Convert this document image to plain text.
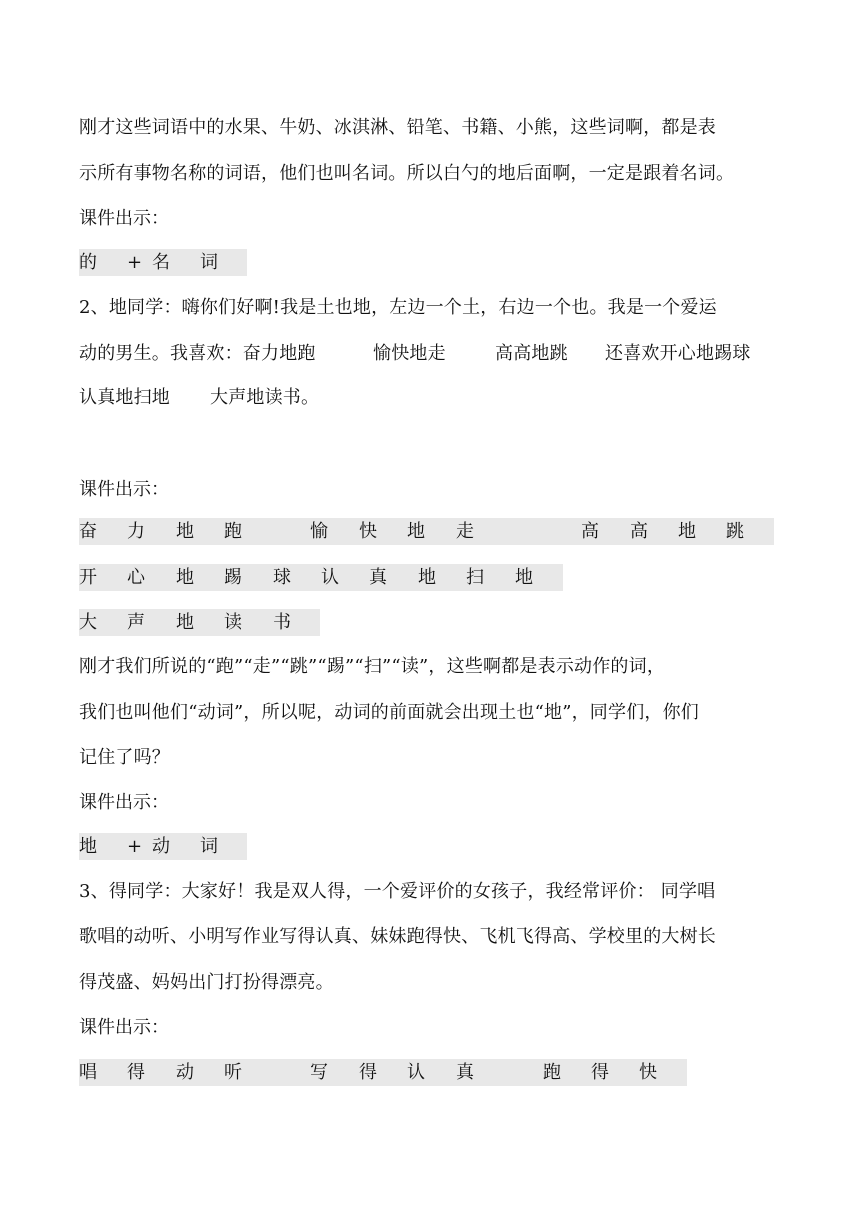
刚才这些词语中的水果、牛奶、冰淇淋、铅笔、书籍、小熊，这些词啊，都是表
示所有事物名称的词语，他们也叫名词。所以白勺的地后面啊，一定是跟着名词。
课件出示：
的 + 名 词
2、地同学：嗨你们好啊!我是土也地，左边一个土，右边一个也。我是一个爱运
动的男生。我喜欢：奋力地跑	愉快地走	高高地跳 还喜欢开心地踢球
认真地扫地 大声地读书。
课件出示：
奋 力 地 跑	愉 快 地 走	高 高 地 跳
开 心 地 踢 球 认 真 地 扫 地
大 声 地 读 书
刚才我们所说的“跑”“走”“跳”“踢”“扫”“读”，这些啊都是表示动作的词，
我们也叫他们“动词”，所以呢，动词的前面就会出现土也“地”，同学们，你们
记住了吗？
课件出示：
地 + 动 词
3、得同学：大家好！我是双人得，一个爱评价的女孩子，我经常评价： 同学唱
歌唱的动听、小明写作业写得认真、妹妹跑得快、飞机飞得高、学校里的大树长
得茂盛、妈妈出门打扮得漂亮。
课件出示：
唱 得 动 听	写 得 认 真	跑 得 快
